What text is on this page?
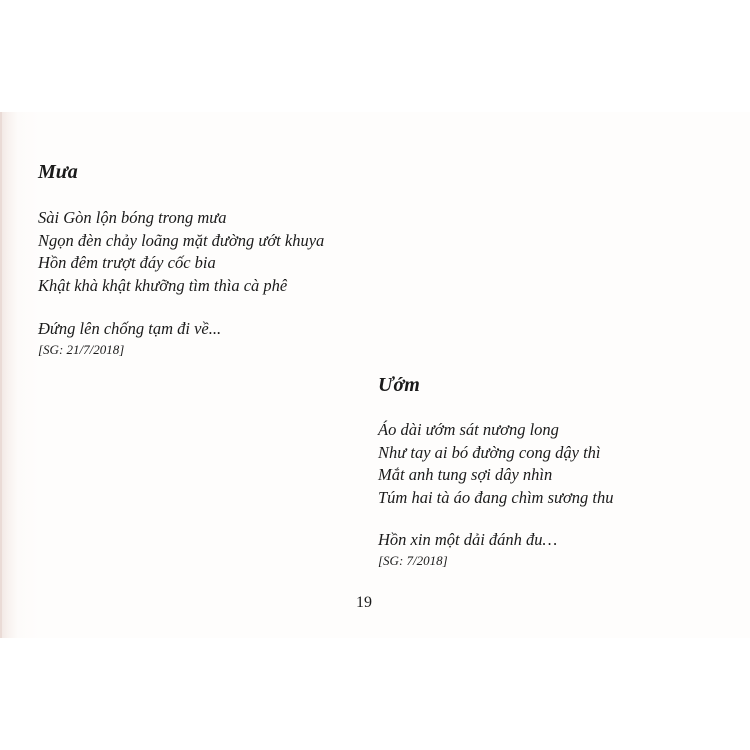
Mưa
Sài Gòn lộn bóng trong mưa
Ngọn đèn chảy loãng mặt đường ướt khuya
Hồn đêm trượt đáy cốc bia
Khật khà khật khưỡng tìm thìa cà phê
Đứng lên chống tạm đi về...
[SG: 21/7/2018]
Ướm
Áo dài ướm sát nương long
Như tay ai bó đường cong dậy thì
Mắt anh tung sợi dây nhìn
Túm hai tà áo đang chìm sương thu
Hồn xin một dải đánh đu…
[SG: 7/2018]
19
